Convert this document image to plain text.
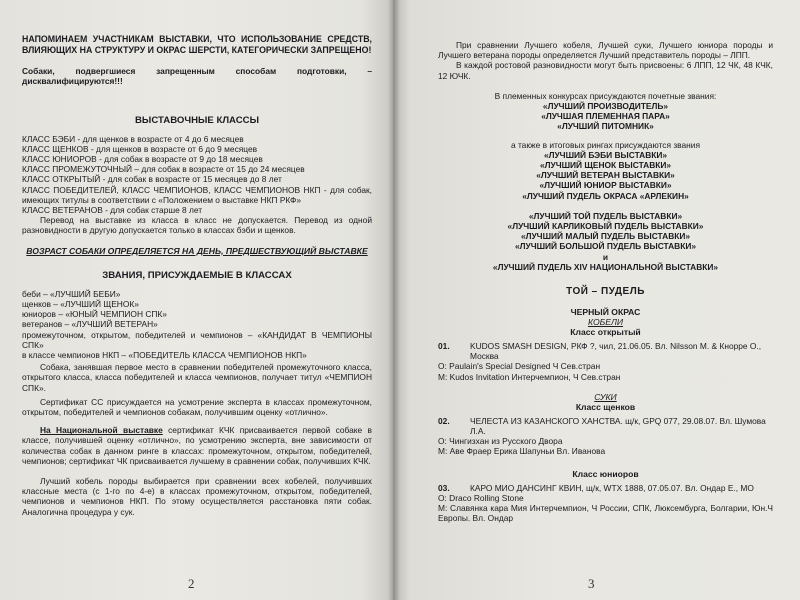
НАПОМИНАЕМ УЧАСТНИКАМ ВЫСТАВКИ, ЧТО ИСПОЛЬЗОВАНИЕ СРЕДСТВ, ВЛИЯЮЩИХ НА СТРУКТУРУ И ОКРАС ШЕРСТИ, КАТЕГОРИЧЕСКИ ЗАПРЕЩЕНО!
Собаки, подвергшиеся запрещенным способам подготовки, – дисквалифицируются!!!
ВЫСТАВОЧНЫЕ КЛАССЫ
КЛАСС БЭБИ - для щенков в возрасте от 4 до 6 месяцев
КЛАСС ЩЕНКОВ - для щенков в возрасте от 6 до 9 месяцев
КЛАСС ЮНИОРОВ - для собак в возрасте от 9 до 18 месяцев
КЛАСС ПРОМЕЖУТОЧНЫЙ – для собак в возрасте от 15 до 24 месяцев
КЛАСС ОТКРЫТЫЙ - для собак в возрасте от 15 месяцев до 8 лет
КЛАСС ПОБЕДИТЕЛЕЙ, КЛАСС ЧЕМПИОНОВ, КЛАСС ЧЕМПИОНОВ НКП - для собак, имеющих титулы в соответствии с «Положением о выставке НКП РКФ»
КЛАСС ВЕТЕРАНОВ - для собак старше 8 лет
Перевод на выставке из класса в класс не допускается. Перевод из одной разновидности в другую допускается только в классах бэби и щенков.
ВОЗРАСТ СОБАКИ ОПРЕДЕЛЯЕТСЯ НА ДЕНЬ, ПРЕДШЕСТВУЮЩИЙ ВЫСТАВКЕ
ЗВАНИЯ, ПРИСУЖДАЕМЫЕ В КЛАССАХ
беби – «ЛУЧШИЙ БЕБИ»
щенков – «ЛУЧШИЙ ЩЕНОК»
юниоров – «ЮНЫЙ ЧЕМПИОН СПК»
ветеранов – «ЛУЧШИЙ ВЕТЕРАН»
промежуточном, открытом, победителей и чемпионов – «КАНДИДАТ В ЧЕМПИОНЫ СПК»
в классе чемпионов НКП – «ПОБЕДИТЕЛЬ КЛАССА ЧЕМПИОНОВ НКП»
Собака, занявшая первое место в сравнении победителей промежуточного класса, открытого класса, класса победителей и класса чемпионов, получает титул «ЧЕМПИОН СПК».
Сертификат СС присуждается на усмотрение эксперта в классах промежуточном, открытом, победителей и чемпионов собакам, получившим оценку «отлично».
На Национальной выставке сертификат КЧК присваивается первой собаке в классе, получившей оценку «отлично», по усмотрению эксперта, вне зависимости от количества собак в данном ринге в классах: промежуточном, открытом, победителей, чемпионов; сертификат ЧК присваивается лучшему в сравнении собак, получивших КЧК.
Лучший кобель породы выбирается при сравнении всех кобелей, получивших классные места (с 1-го по 4-е) в классах промежуточном, открытом, победителей, чемпионов и чемпионов НКП. По этому осуществляется расстановка пяти собак. Аналогична процедура у сук.
2
При сравнении Лучшего кобеля, Лучшей суки, Лучшего юниора породы и Лучшего ветерана породы определяется Лучший представитель породы – ЛПП.
В каждой ростовой разновидности могут быть присвоены: 6 ЛПП, 12 ЧК, 48 КЧК, 12 ЮЧК.
В племенных конкурсах присуждаются почетные звания:
«ЛУЧШИЙ ПРОИЗВОДИТЕЛЬ»
«ЛУЧШАЯ ПЛЕМЕННАЯ ПАРА»
«ЛУЧШИЙ ПИТОМНИК»
а также в итоговых рингах присуждаются звания
«ЛУЧШИЙ БЭБИ ВЫСТАВКИ»
«ЛУЧШИЙ ЩЕНОК ВЫСТАВКИ»
«ЛУЧШИЙ ВЕТЕРАН ВЫСТАВКИ»
«ЛУЧШИЙ ЮНИОР ВЫСТАВКИ»
«ЛУЧШИЙ ПУДЕЛЬ ОКРАСА «АРЛЕКИН»
«ЛУЧШИЙ ТОЙ ПУДЕЛЬ ВЫСТАВКИ»
«ЛУЧШИЙ КАРЛИКОВЫЙ ПУДЕЛЬ ВЫСТАВКИ»
«ЛУЧШИЙ МАЛЫЙ ПУДЕЛЬ ВЫСТАВКИ»
«ЛУЧШИЙ БОЛЬШОЙ ПУДЕЛЬ ВЫСТАВКИ»
и
«ЛУЧШИЙ ПУДЕЛЬ XIV НАЦИОНАЛЬНОЙ ВЫСТАВКИ»
ТОЙ – ПУДЕЛЬ
ЧЕРНЫЙ ОКРАС
КОБЕЛИ
Класс открытый
01.	KUDOS SMASH DESIGN, РКФ ?, чил, 21.06.05. Вл. Nilsson M. & Кнорре О., Москва
О: Paulain's Special Designed Ч Сев.стран
М: Kudos Invitation Интерчемпион, Ч Сев.стран
СУКИ
Класс щенков
02.	ЧЕЛЕСТА ИЗ КАЗАНСКОГО ХАНСТВА. щ/к, GPQ 077, 29.08.07. Вл. Шумова Л.А.
О: Чингизхан из Русского Двора
М: Аве Фраер Ерика Шапуньи Вл. Иванова
Класс юниоров
03.	КАРО МИО ДАНСИНГ КВИН, щ/к, WTX 1888, 07.05.07. Вл. Ондар Е., МО
О: Draco Rolling Stone
М: Славянка кара Мия Интерчемпион, Ч России, СПК, Люксембурга, Болгарии, Юн.Ч Европы. Вл. Ондар
3
